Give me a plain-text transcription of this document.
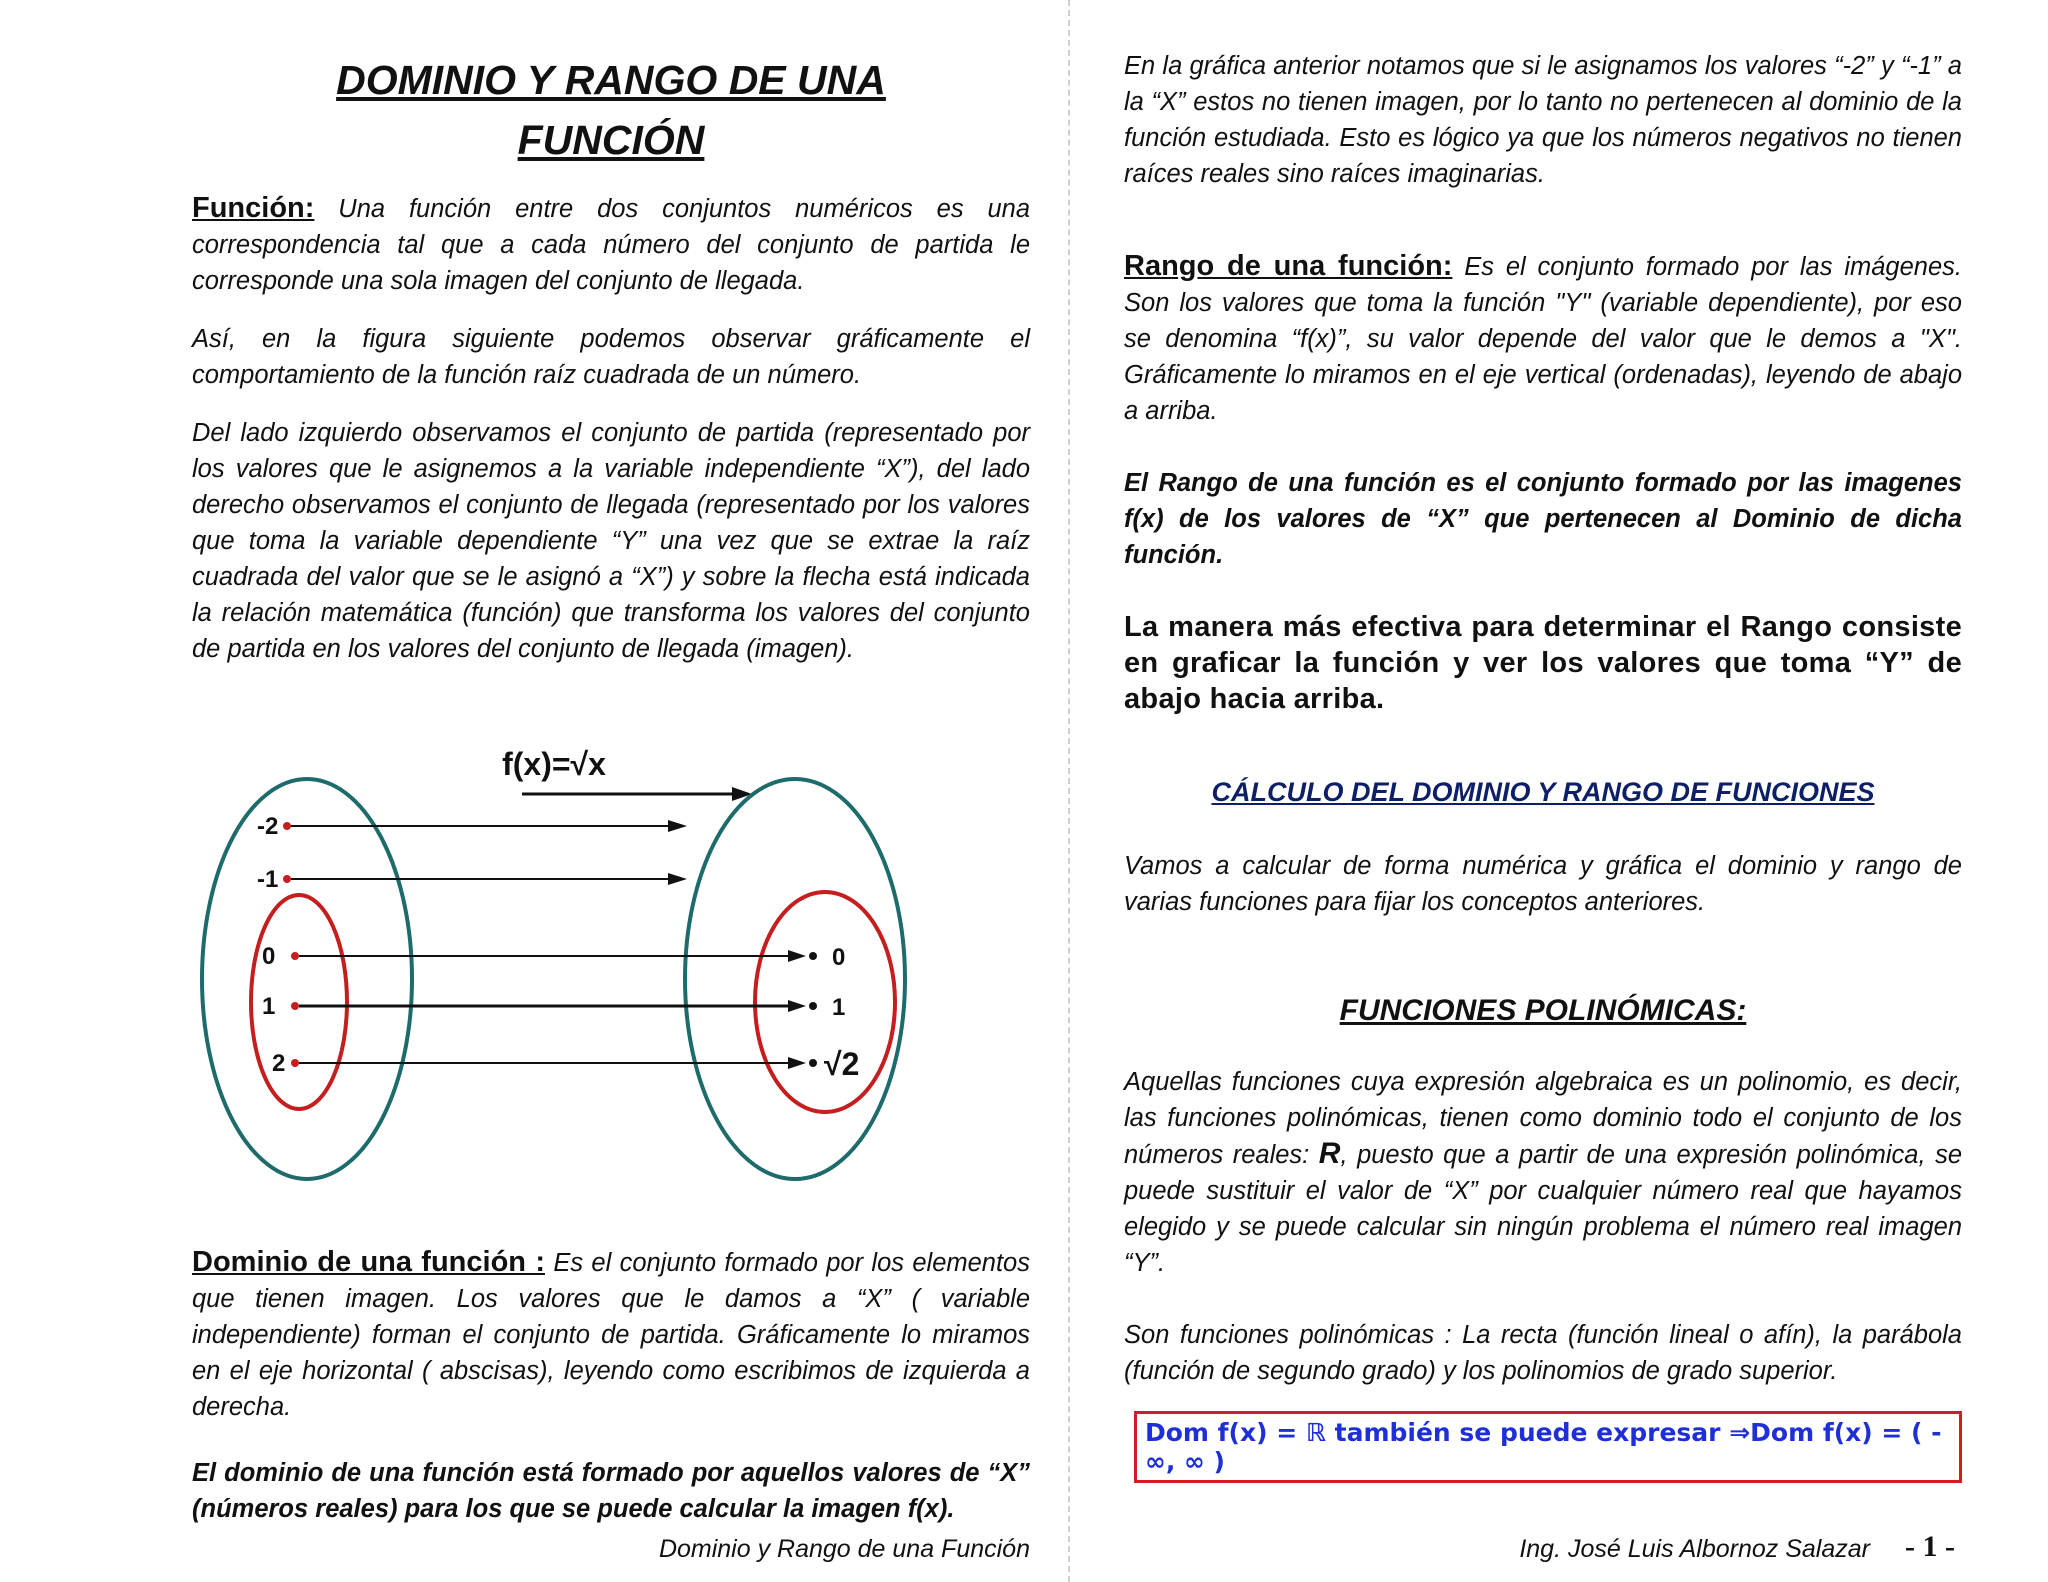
DOMINIO Y RANGO DE UNA
FUNCIÓN

Función: Una función entre dos conjuntos numéricos es una correspondencia tal que a cada número del conjunto de partida le corresponde una sola imagen del conjunto de llegada.

Así, en la figura siguiente podemos observar gráficamente el comportamiento de la función raíz cuadrada de un número.

Del lado izquierdo observamos el conjunto de partida (representado por los valores que le asignemos a la variable independiente “X”), del lado derecho observamos el conjunto de llegada (representado por los valores que toma la variable dependiente “Y” una vez que se extrae la raíz cuadrada del valor que se le asignó a “X”) y sobre la flecha está indicada la relación matemática (función) que transforma los valores del conjunto de partida en los valores del conjunto de llegada (imagen).

f(x)=√x
-2
-1
0
1
2
0
1
√2

Dominio de una función : Es el conjunto formado por los elementos que tienen imagen. Los valores que le damos a “X” ( variable independiente) forman el conjunto de partida. Gráficamente lo miramos en el eje horizontal ( abscisas), leyendo como escribimos de izquierda a derecha.

El dominio de una función está formado por aquellos valores de “X” (números reales) para los que se puede calcular la imagen f(x).

Dominio y Rango de una Función

En la gráfica anterior notamos que si le asignamos los valores “-2” y “-1” a la “X” estos no tienen imagen, por lo tanto no pertenecen al dominio de la función estudiada. Esto es lógico ya que los números negativos no tienen raíces reales sino raíces imaginarias.

Rango de una función: Es el conjunto formado por las imágenes. Son los valores que toma la función "Y" (variable dependiente), por eso se denomina “f(x)”, su valor depende del valor que le demos a "X". Gráficamente lo miramos en el eje vertical (ordenadas), leyendo de abajo a arriba.

El Rango de una función es el conjunto formado por las imagenes f(x) de los valores de “X” que pertenecen al Dominio de dicha función.

La manera más efectiva para determinar el Rango consiste en graficar la función y ver los valores que toma “Y” de abajo hacia arriba.

CÁLCULO DEL DOMINIO Y RANGO DE FUNCIONES

Vamos a calcular de forma numérica y gráfica el dominio y rango de varias funciones para fijar los conceptos anteriores.

FUNCIONES POLINÓMICAS:

Aquellas funciones cuya expresión algebraica es un polinomio, es decir, las funciones polinómicas, tienen como dominio todo el conjunto de los números reales: R, puesto que a partir de una expresión polinómica, se puede sustituir el valor de “X” por cualquier número real que hayamos elegido y se puede calcular sin ningún problema el número real imagen “Y”.

Son funciones polinómicas : La recta (función lineal o afín), la parábola (función de segundo grado) y los polinomios de grado superior.

Dom f(x) = ℝ también se puede expresar ⇒Dom f(x) = ( -∞, ∞ )
Ing. José Luis Albornoz Salazar - 1 -
